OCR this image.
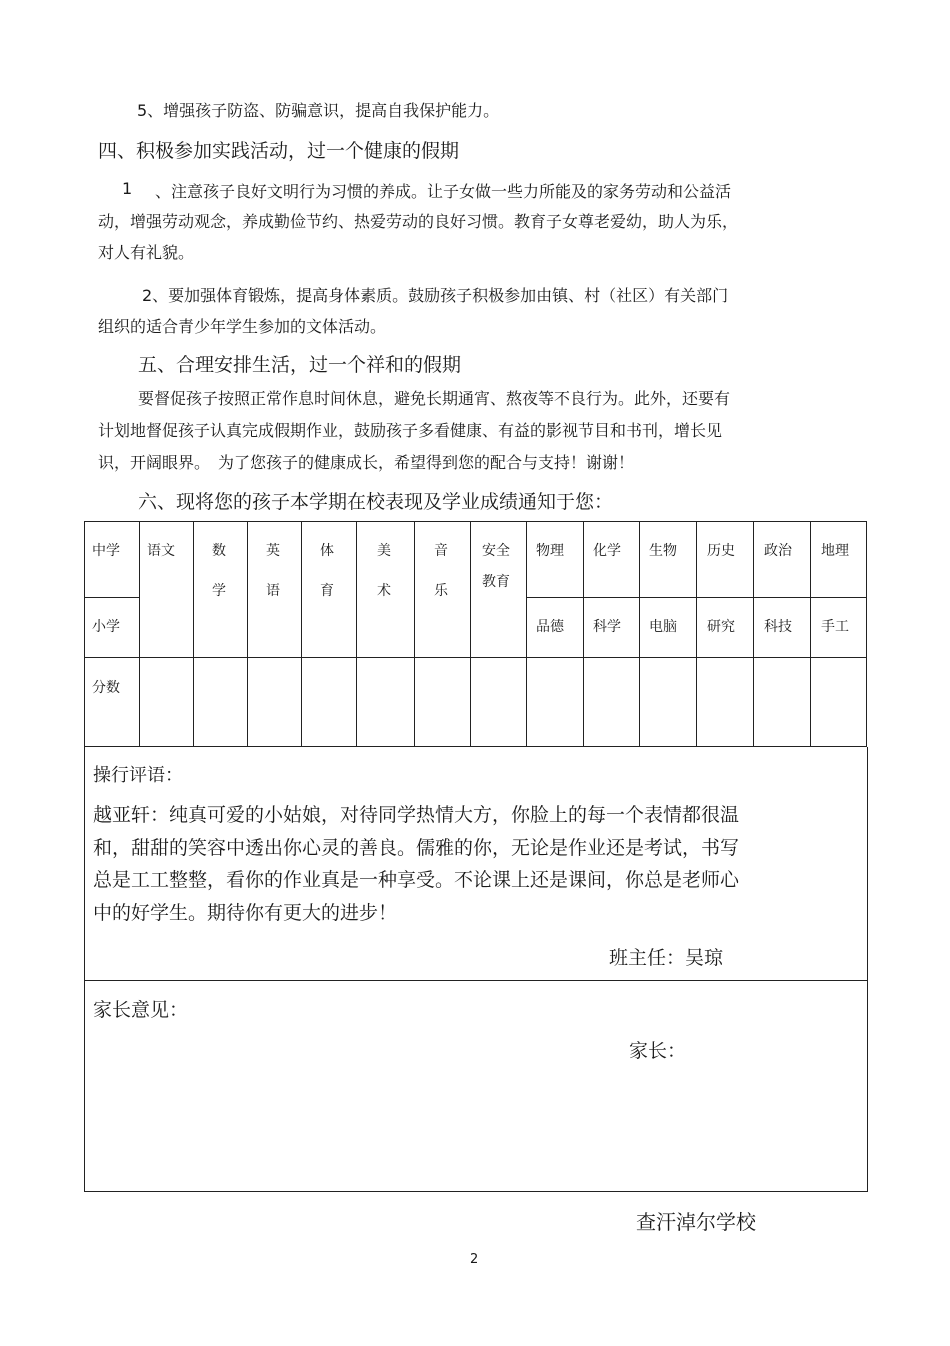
5、增强孩子防盗、防骗意识，提高自我保护能力。
四、积极参加实践活动，过一个健康的假期
1 、注意孩子良好文明行为习惯的养成。让子女做一些力所能及的家务劳动和公益活
动，增强劳动观念，养成勤俭节约、热爱劳动的良好习惯。教育子女尊老爱幼，助人为乐，
对人有礼貌。
2、要加强体育锻炼，提高身体素质。鼓励孩子积极参加由镇、村（社区）有关部门
组织的适合青少年学生参加的文体活动。
五、合理安排生活，过一个祥和的假期
要督促孩子按照正常作息时间休息，避免长期通宵、熬夜等不良行为。此外，还要有
计划地督促孩子认真完成假期作业，鼓励孩子多看健康、有益的影视节目和书刊，增长见
识，开阔眼界。　为了您孩子的健康成长，希望得到您的配合与支持！谢谢！
六、现将您的孩子本学期在校表现及学业成绩通知于您：
中学
小学
分数
语文	数
学
英
语
体
育
美
术
音
乐
安全
教育
物理 化学 生物 历史 政治 地理
品德 科学 电脑 研究 科技 手工
操行评语：
越亚轩：纯真可爱的小姑娘，对待同学热情大方，你脸上的每一个表情都很温
和，甜甜的笑容中透出你心灵的善良。儒雅的你，无论是作业还是考试，书写
总是工工整整，看你的作业真是一种享受。不论课上还是课间，你总是老师心
中的好学生。期待你有更大的进步！
班主任：吴琼
家长意见：
家长：
查汗淖尔学校
2
